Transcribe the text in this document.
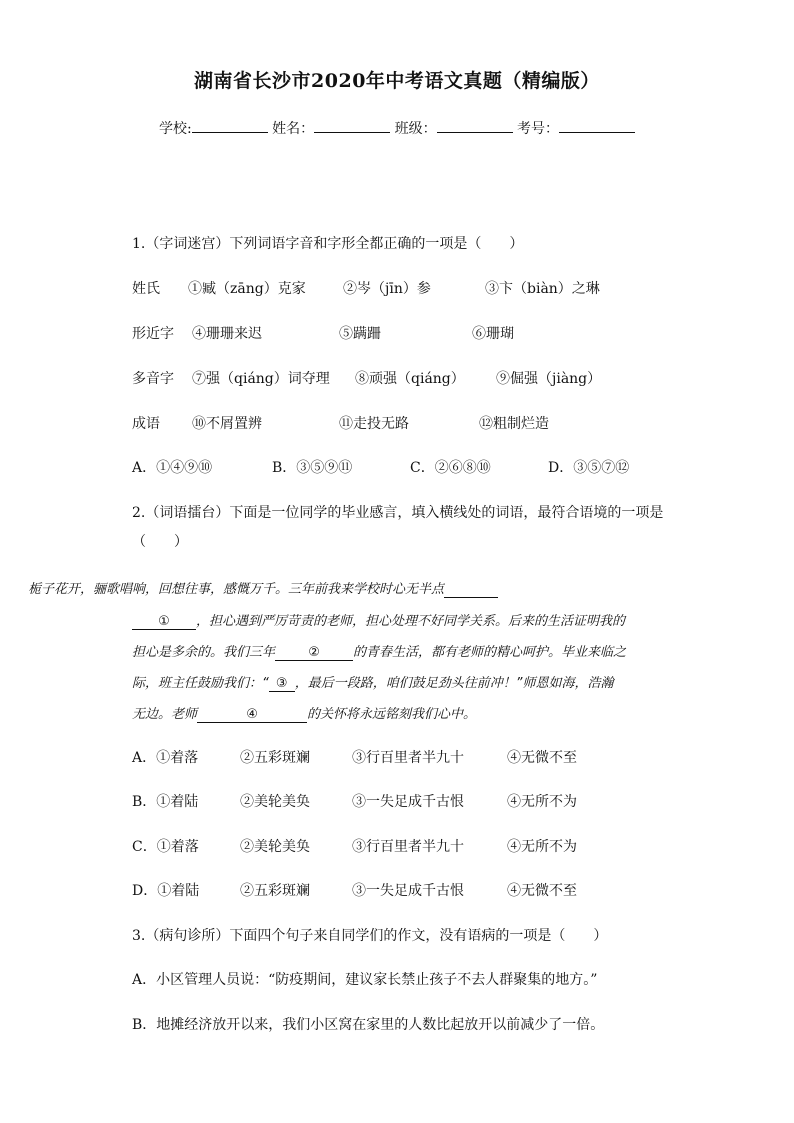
湖南省长沙市2020年中考语文真题（精编版）
学校:	姓名：	班级：	考号：
1.（字词迷宫）下列词语字音和字形全都正确的一项是（　　）
姓氏 ①臧（zāng）克家	②岑（jīn）参	③卞（biàn）之琳
形近字 ④珊珊来迟	⑤蹒跚	⑥珊瑚
多音字 ⑦强（qiáng）词夺理 ⑧顽强（qiáng） ⑨倔强（jiàng）
成语 ⑩不屑置辨	⑪走投无路	⑫粗制烂造
A．①④⑨⑩	B．③⑤⑨⑪	C．②⑥⑧⑩	D．③⑤⑦⑫
2.（词语擂台）下面是一位同学的毕业感言，填入横线处的词语，最符合语境的一项是
（　　）
栀子花开，骊歌唱响，回想往事，感慨万千。三年前我来学校时心无半点
① ，担心遇到严厉苛责的老师，担心处理不好同学关系。后来的生活证明我的
担心是多余的。我们三年	②	的青春生活，都有老师的精心呵护。毕业来临之
际，班主任鼓励我们：“ ③ ，最后一段路，咱们鼓足劲头往前冲！”师恩如海，浩瀚
无边。老师	④	的关怀将永远铭刻我们心中。
A．①着落	②五彩斑斓	③行百里者半九十	④无微不至
B．①着陆	②美轮美奂	③一失足成千古恨	④无所不为
C．①着落	②美轮美奂	③行百里者半九十	④无所不为
D．①着陆	②五彩斑斓	③一失足成千古恨	④无微不至
3.（病句诊所）下面四个句子来自同学们的作文，没有语病的一项是（　　）
A．小区管理人员说：“防疫期间，建议家长禁止孩子不去人群聚集的地方。”
B．地摊经济放开以来，我们小区窝在家里的人数比起放开以前减少了一倍。
